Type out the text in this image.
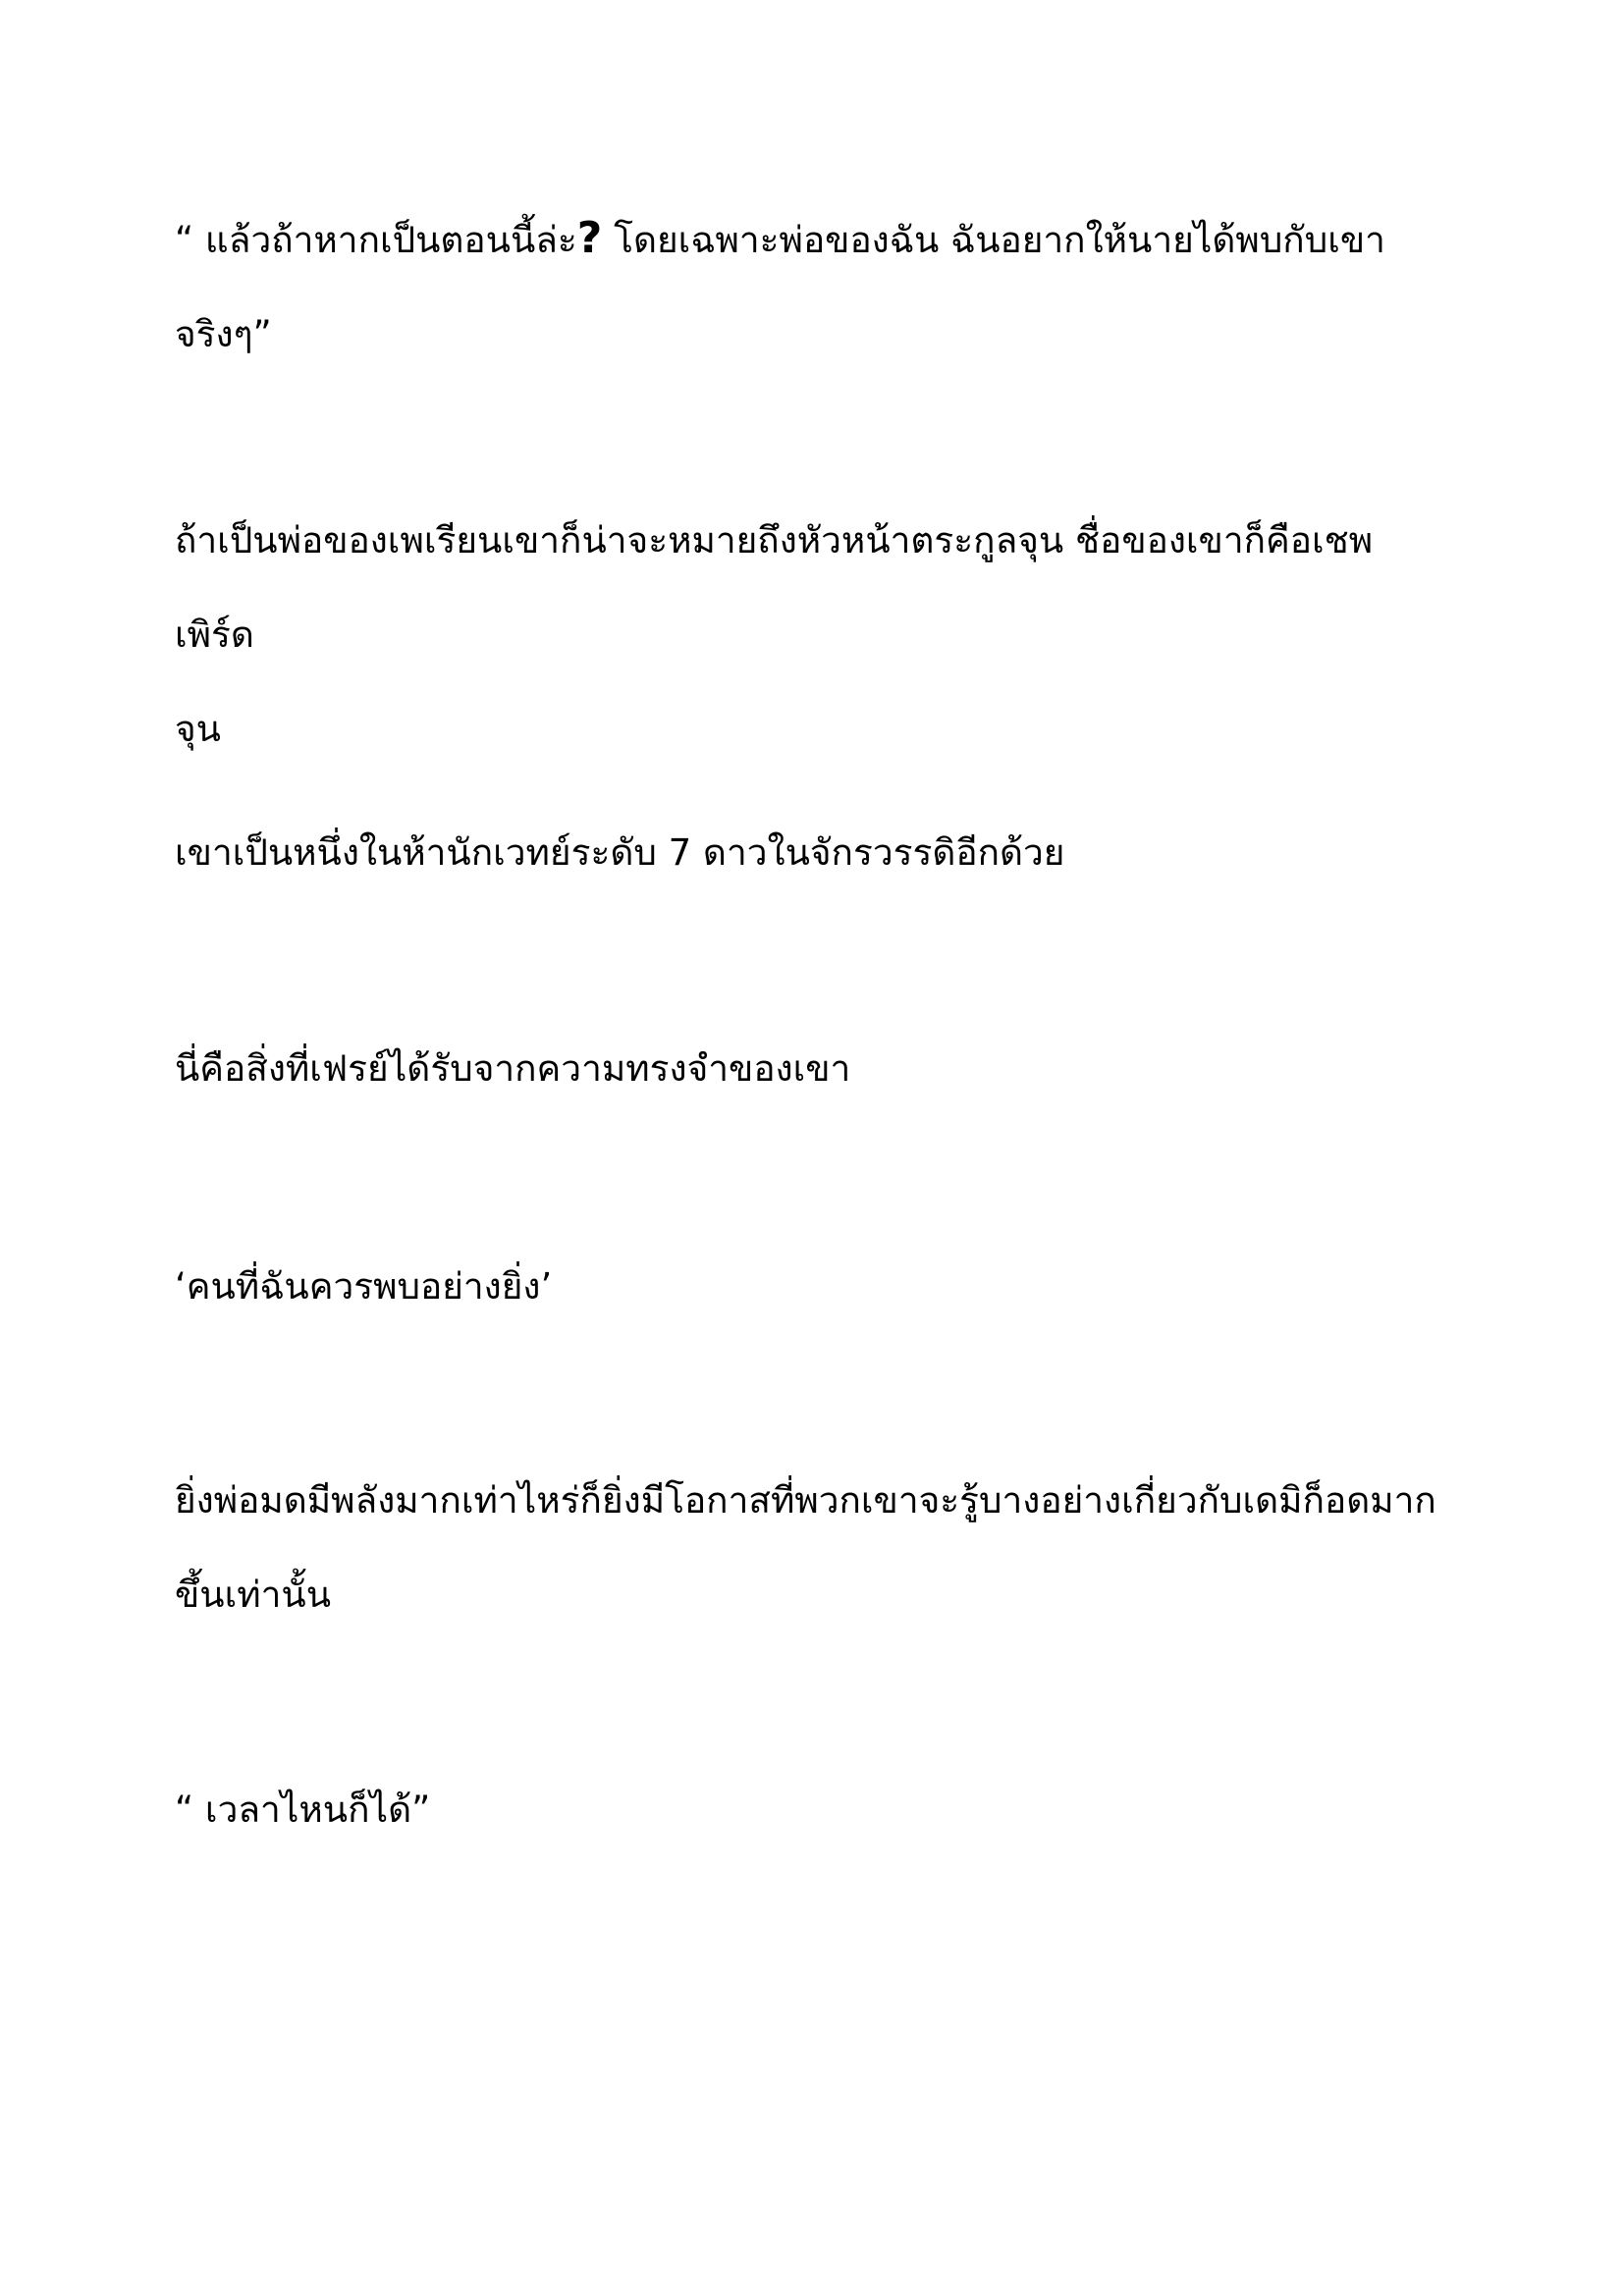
“ แล้วถ้าหากเป็นตอนนี้ล่ะ? โดยเฉพาะพ่อของฉัน ฉันอยากให้นายได้พบกับเขา
จริงๆ”
ถ้าเป็นพ่อของเพเรียนเขาก็น่าจะหมายถึงหัวหน้าตระกูลจุน ชื่อของเขาก็คือเชพเพิร์ด
จุน
เขาเป็นหนึ่งในห้านักเวทย์ระดับ 7 ดาวในจักรวรรดิอีกด้วย
นี่คือสิ่งที่เฟรย์ได้รับจากความทรงจำของเขา
‘คนที่ฉันควรพบอย่างยิ่ง’
ยิ่งพ่อมดมีพลังมากเท่าไหร่ก็ยิ่งมีโอกาสที่พวกเขาจะรู้บางอย่างเกี่ยวกับเดมิก็อดมาก
ขึ้นเท่านั้น
“ เวลาไหนก็ได้”
